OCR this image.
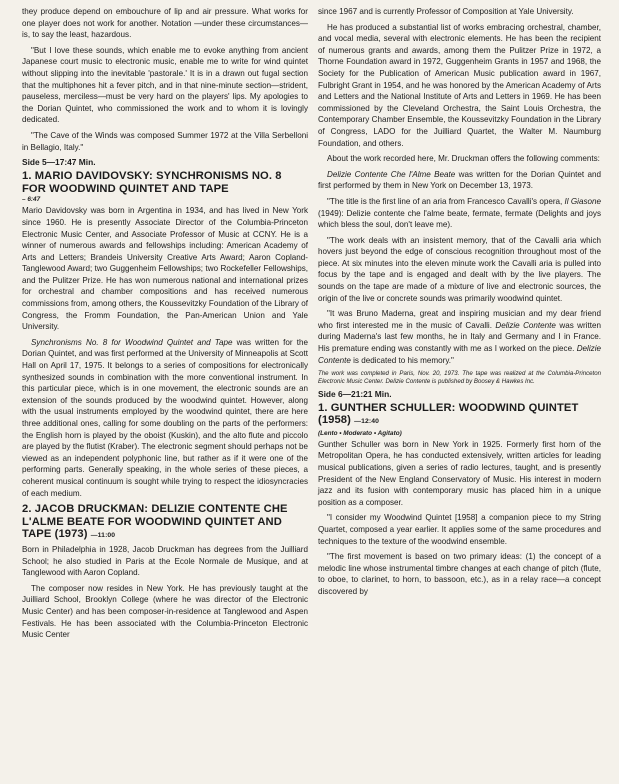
they produce depend on embouchure of lip and air pressure. What works for one player does not work for another. Notation —under these circumstances—is, to say the least, hazardous.

"But I love these sounds, which enable me to evoke anything from ancient Japanese court music to electronic music, enable me to write for wind quintet without slipping into the inevitable 'pastorale.' It is in a drawn out fugal section that the multiphones hit a fever pitch, and in that nine-minute section—strident, pauseless, merciless—must be very hard on the players' lips. My apologies to the Dorian Quintet, who commissioned the work and to whom it is lovingly dedicated.

"The Cave of the Winds was composed Summer 1972 at the Villa Serbelloni in Bellagio, Italy."

Side 5—17:47 Min.
1. MARIO DAVIDOVSKY: SYNCHRONISMS NO. 8 FOR WOODWIND QUINTET AND TAPE
– 6:47

Mario Davidovsky was born in Argentina in 1934, and has lived in New York since 1960. He is presently Associate Director of the Columbia-Princeton Electronic Music Center, and Associate Professor of Music at CCNY. He is a winner of numerous awards and fellowships including: American Academy of Arts and Letters; Brandeis University Creative Arts Award; Aaron Copland-Tanglewood Award; two Guggenheim Fellowships; two Rockefeller Fellowships, and the Pulitzer Prize. He has won numerous national and international prizes for orchestral and chamber compositions and has received numerous commissions from, among others, the Koussevitzky Foundation of the Library of Congress, the Fromm Foundation, the Pan-American Union and Yale University.

Synchronisms No. 8 for Woodwind Quintet and Tape was written for the Dorian Quintet, and was first performed at the University of Minneapolis at Scott Hall on April 17, 1975. It belongs to a series of compositions for electronically synthesized sounds in combination with the more conventional instrument. In this particular piece, which is in one movement, the electronic sounds are an extension of the sounds produced by the woodwind quintet. However, along with the usual instruments employed by the woodwind quintet, there are here three additional ones, calling for some doubling on the parts of the performers: the English horn is played by the oboist (Kuskin), and the alto flute and piccolo are played by the flutist (Kraber). The electronic segment should perhaps not be viewed as an independent polyphonic line, but rather as if it were one of the performing parts. Generally speaking, in the whole series of these pieces, a coherent musical continuum is sought while trying to respect the idiosyncracies of each medium.

2. JACOB DRUCKMAN: DELIZIE CONTENTE CHE L'ALME BEATE FOR WOODWIND QUINTET AND TAPE (1973) —11:00

Born in Philadelphia in 1928, Jacob Druckman has degrees from the Juilliard School; he also studied in Paris at the Ecole Normale de Musique, and at Tanglewood with Aaron Copland.

The composer now resides in New York. He has previously taught at the Juilliard School, Brooklyn College (where he was director of the Electronic Music Center) and has been composer-in-residence at Tanglewood and Aspen Festivals. He has been associated with the Columbia-Princeton Electronic Music Center

since 1967 and is currently Professor of Composition at Yale University.

He has produced a substantial list of works embracing orchestral, chamber, and vocal media, several with electronic elements. He has been the recipient of numerous grants and awards, among them the Pulitzer Prize in 1972, a Thorne Foundation award in 1972, Guggenheim Grants in 1957 and 1968, the Society for the Publication of American Music publication award in 1967, Fulbright Grant in 1954, and he was honored by the American Academy of Arts and Letters and the National Institute of Arts and Letters in 1969. He has been commissioned by the Cleveland Orchestra, the Saint Louis Orchestra, the Contemporary Chamber Ensemble, the Koussevitzky Foundation in the Library of Congress, LADO for the Juilliard Quartet, the Walter M. Naumburg Foundation, and others.

About the work recorded here, Mr. Druckman offers the following comments:

Delizie Contente Che l'Alme Beate was written for the Dorian Quintet and first performed by them in New York on December 13, 1973.

"The title is the first line of an aria from Francesco Cavalli's opera, Il Giasone (1949): Delizie contente che l'alme beate, fermate, fermate (Delights and joys which bless the soul, don't leave me).

"The work deals with an insistent memory, that of the Cavalli aria which hovers just beyond the edge of conscious recognition throughout most of the piece. At six minutes into the eleven minute work the Cavalli aria is pulled into focus by the tape and is engaged and dealt with by the live players. The sounds on the tape are made of a mixture of live and electronic sources, the origin of the live or concrete sounds was primarily woodwind quintet.

"It was Bruno Maderna, great and inspiring musician and my dear friend who first interested me in the music of Cavalli. Delizie Contente was written during Maderna's last few months, he in Italy and Germany and I in France. His premature ending was constantly with me as I worked on the piece. Delizie Contente is dedicated to his memory."

The work was completed in Paris, Nov. 20, 1973. The tape was realized at the Columbia-Princeton Electronic Music Center. Delizie Contente is published by Boosey & Hawkes Inc.

Side 6—21:21 Min.
1. GUNTHER SCHULLER: WOODWIND QUINTET (1958) —12:40
(Lento • Moderato • Agitato)

Gunther Schuller was born in New York in 1925. Formerly first horn of the Metropolitan Opera, he has conducted extensively, written articles for leading musical publications, given a series of radio lectures, taught, and is presently President of the New England Conservatory of Music. His interest in modern jazz and its fusion with contemporary music has placed him in a unique position as a composer.

"I consider my Woodwind Quintet [1958] a companion piece to my String Quartet, composed a year earlier. It applies some of the same procedures and techniques to the texture of the woodwind ensemble.

"The first movement is based on two primary ideas: (1) the concept of a melodic line whose instrumental timbre changes at each change of pitch (flute, to oboe, to clarinet, to horn, to bassoon, etc.), as in a relay race—a concept discovered by
